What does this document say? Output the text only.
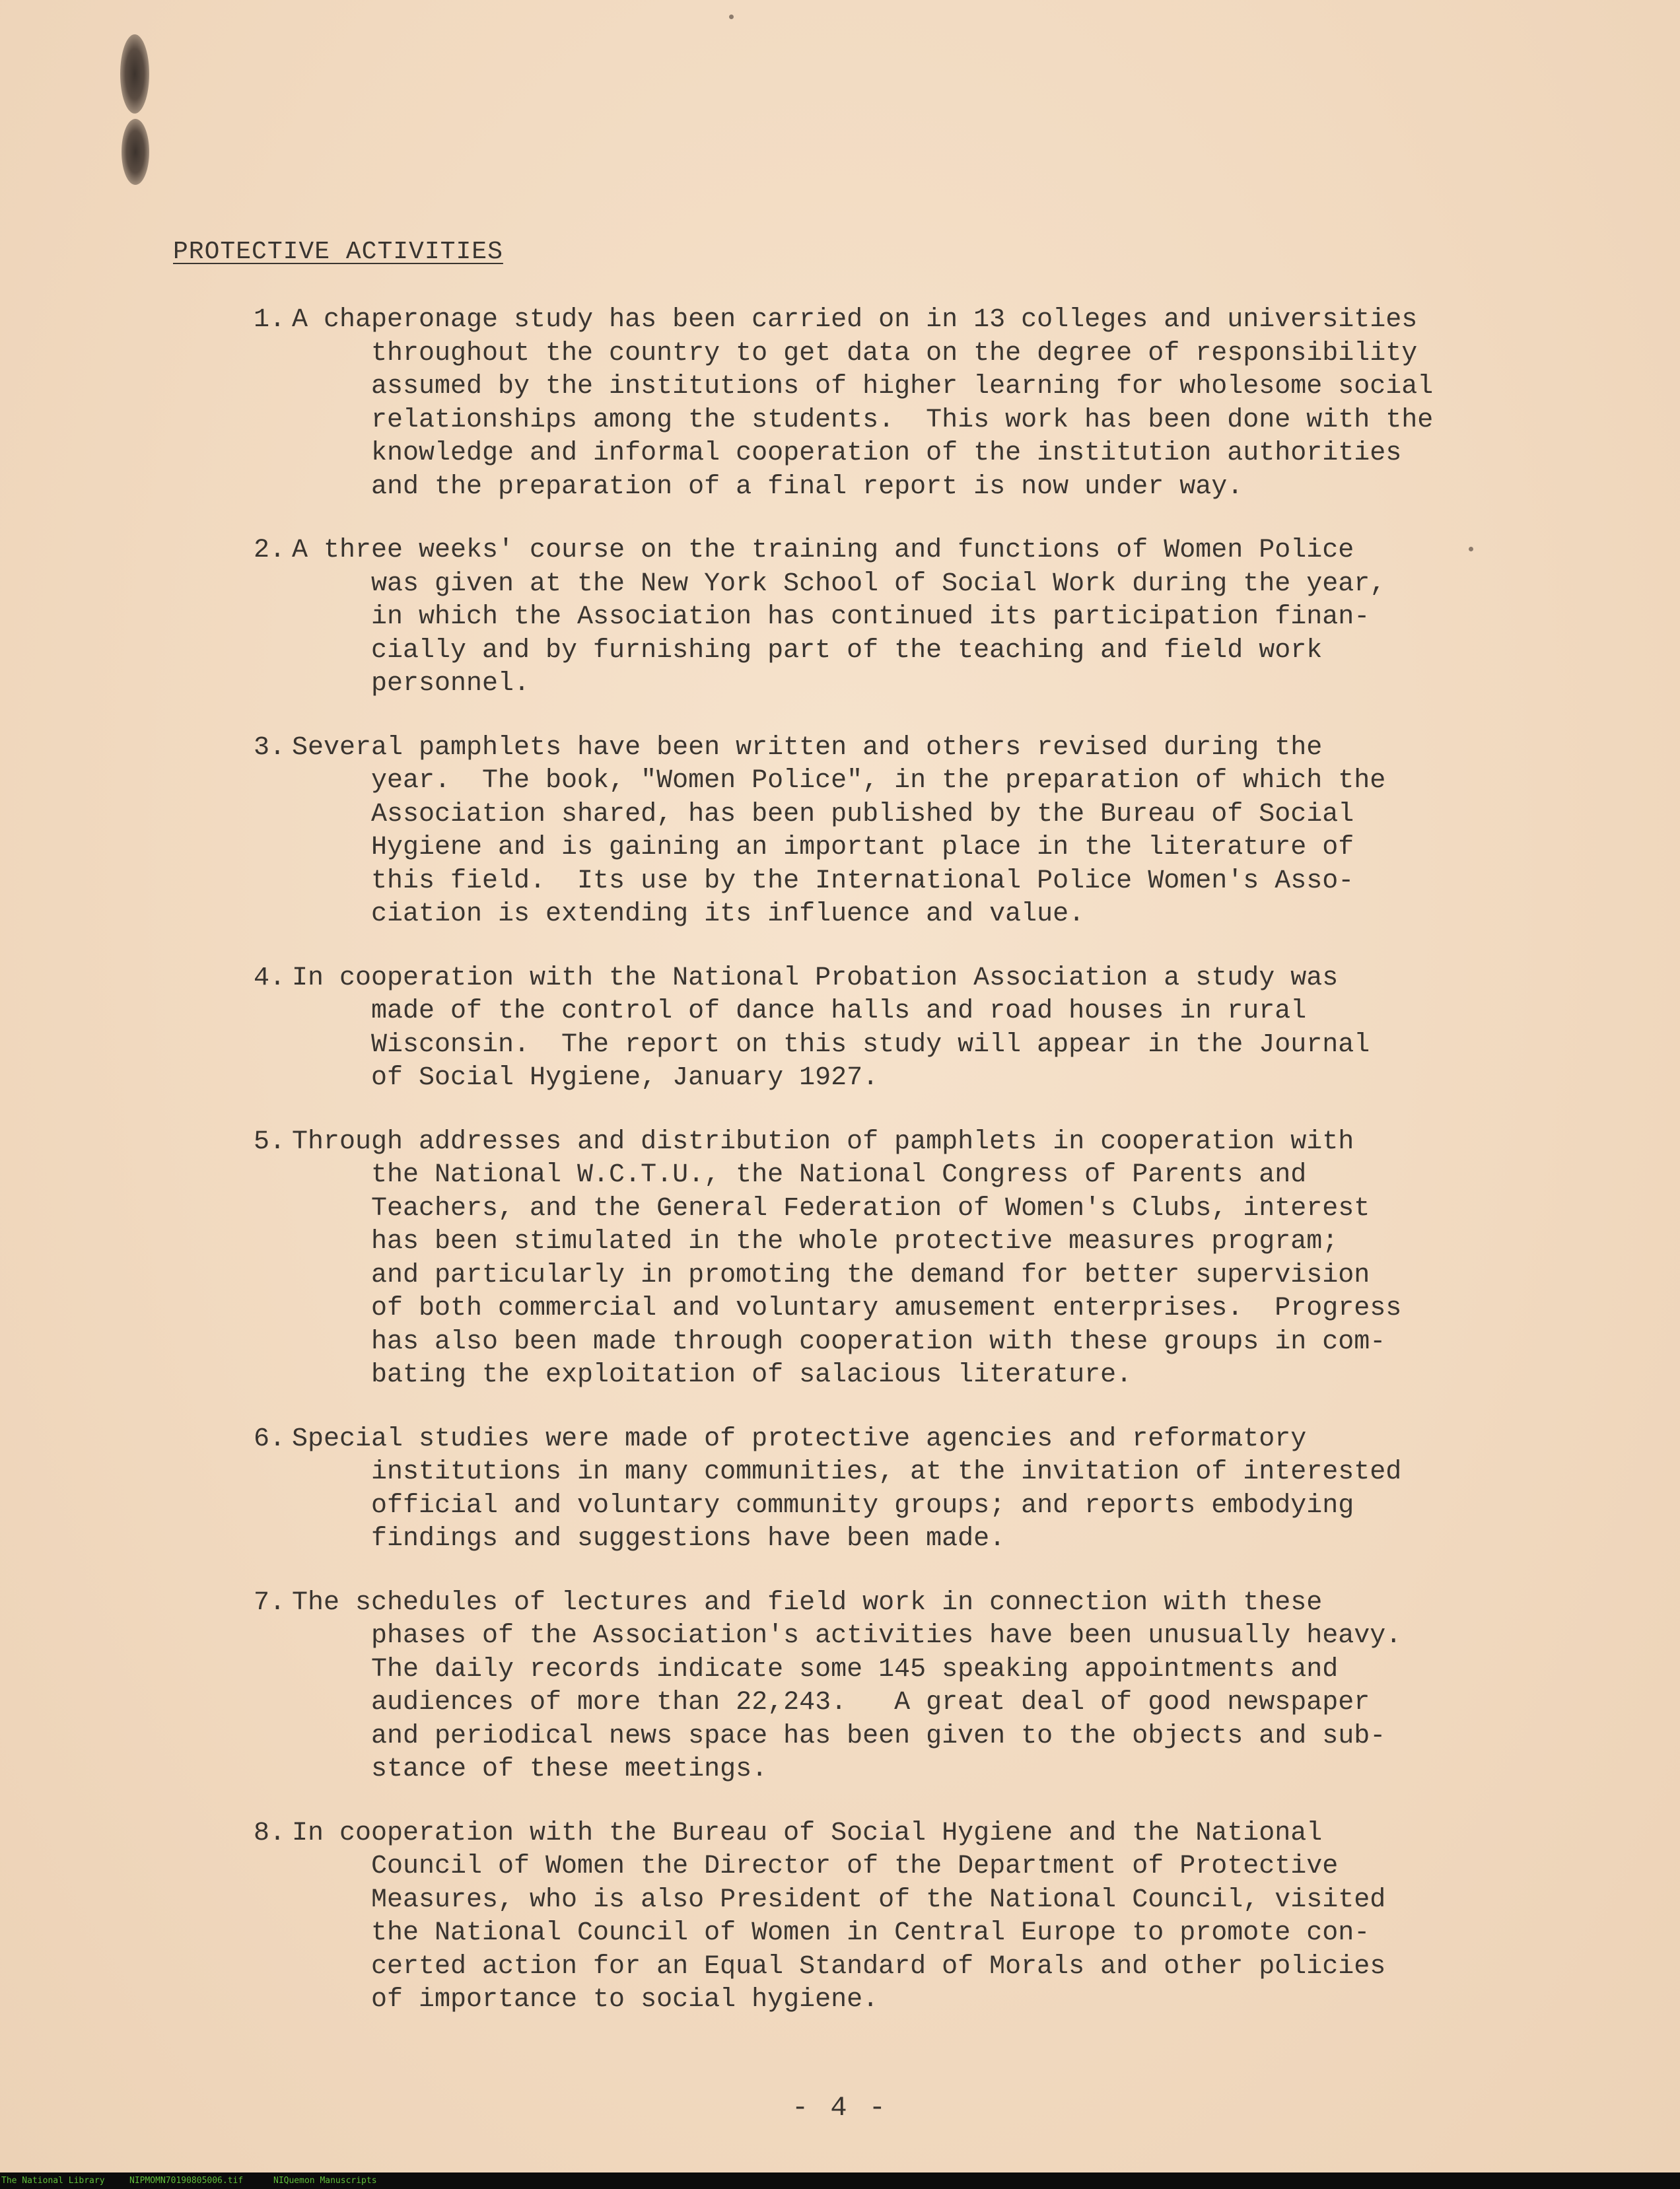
PROTECTIVE ACTIVITIES
1. A chaperonage study has been carried on in 13 colleges and universities
throughout the country to get data on the degree of responsibility
assumed by the institutions of higher learning for wholesome social
relationships among the students.  This work has been done with the
knowledge and informal cooperation of the institution authorities
and the preparation of a final report is now under way.
2. A three weeks' course on the training and functions of Women Police
was given at the New York School of Social Work during the year,
in which the Association has continued its participation finan-
cially and by furnishing part of the teaching and field work
personnel.
3. Several pamphlets have been written and others revised during the
year.  The book, "Women Police", in the preparation of which the
Association shared, has been published by the Bureau of Social
Hygiene and is gaining an important place in the literature of
this field.  Its use by the International Police Women's Asso-
ciation is extending its influence and value.
4. In cooperation with the National Probation Association a study was
made of the control of dance halls and road houses in rural
Wisconsin.  The report on this study will appear in the Journal
of Social Hygiene, January 1927.
5. Through addresses and distribution of pamphlets in cooperation with
the National W.C.T.U., the National Congress of Parents and
Teachers, and the General Federation of Women's Clubs, interest
has been stimulated in the whole protective measures program;
and particularly in promoting the demand for better supervision
of both commercial and voluntary amusement enterprises.  Progress
has also been made through cooperation with these groups in com-
bating the exploitation of salacious literature.
6. Special studies were made of protective agencies and reformatory
institutions in many communities, at the invitation of interested
official and voluntary community groups; and reports embodying
findings and suggestions have been made.
7. The schedules of lectures and field work in connection with these
phases of the Association's activities have been unusually heavy.
The daily records indicate some 145 speaking appointments and
audiences of more than 22,243.   A great deal of good newspaper
and periodical news space has been given to the objects and sub-
stance of these meetings.
8. In cooperation with the Bureau of Social Hygiene and the National
Council of Women the Director of the Department of Protective
Measures, who is also President of the National Council, visited
the National Council of Women in Central Europe to promote con-
certed action for an Equal Standard of Morals and other policies
of importance to social hygiene.
- 4 -
The National Library	NIPMOMN70190805006.tif	NIQuemon Manuscripts
